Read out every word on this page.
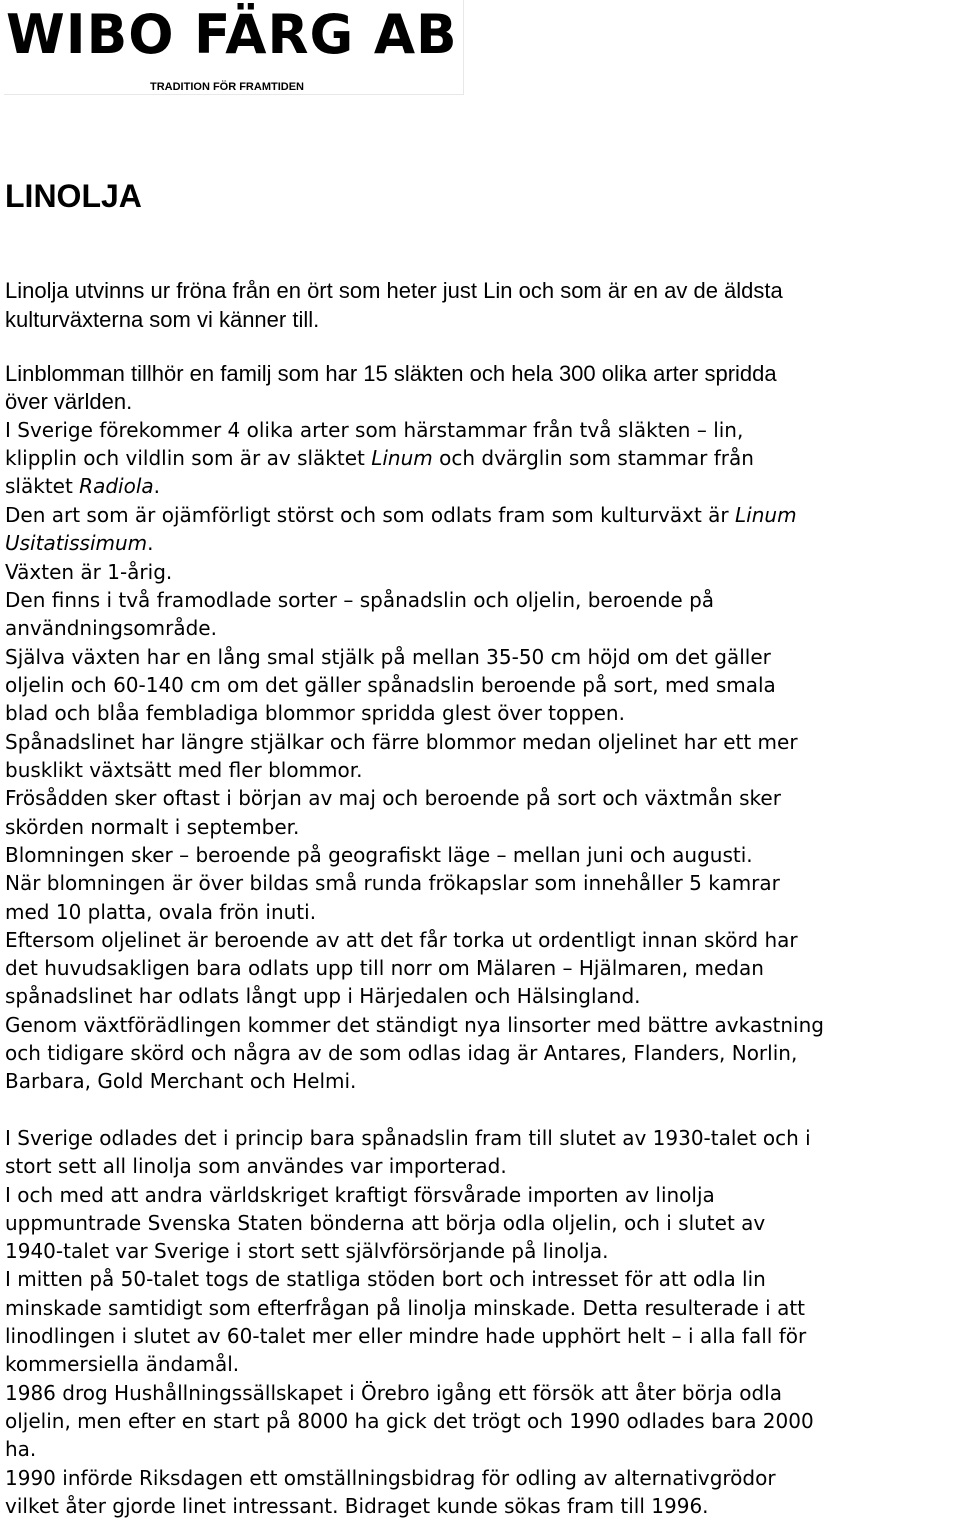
WIBO FÄRG AB
TRADITION FÖR FRAMTIDEN
LINOLJA
Linolja utvinns ur fröna från en ört som heter just Lin och som är en av de äldsta
kulturväxterna som vi känner till.
Linblomman tillhör en familj som har 15 släkten och hela 300 olika arter spridda
över världen.
I Sverige förekommer 4 olika arter som härstammar från två släkten – lin,
klipplin och vildlin som är av släktet Linum och dvärglin som stammar från
släktet Radiola.
Den art som är ojämförligt störst och som odlats fram som kulturväxt är Linum
Usitatissimum.
Växten är 1-årig.
Den finns i två framodlade sorter – spånadslin och oljelin, beroende på
användningsområde.
Själva växten har en lång smal stjälk på mellan 35-50 cm höjd om det gäller
oljelin och 60-140 cm om det gäller spånadslin beroende på sort, med smala
blad och blåa fembladiga blommor spridda glest över toppen.
Spånadslinet har längre stjälkar och färre blommor medan oljelinet har ett mer
busklikt växtsätt med fler blommor.
Frösådden sker oftast i början av maj och beroende på sort och växtmån sker
skörden normalt i september.
Blomningen sker – beroende på geografiskt läge – mellan juni och augusti.
När blomningen är över bildas små runda frökapslar som innehåller 5 kamrar
med 10 platta, ovala frön inuti.
Eftersom oljelinet är beroende av att det får torka ut ordentligt innan skörd har
det huvudsakligen bara odlats upp till norr om Mälaren – Hjälmaren, medan
spånadslinet har odlats långt upp i Härjedalen och Hälsingland.
Genom växtförädlingen kommer det ständigt nya linsorter med bättre avkastning
och tidigare skörd och några av de som odlas idag är Antares, Flanders, Norlin,
Barbara, Gold Merchant och Helmi.
I Sverige odlades det i princip bara spånadslin fram till slutet av 1930-talet och i
stort sett all linolja som användes var importerad.
I och med att andra världskriget kraftigt försvårade importen av linolja
uppmuntrade Svenska Staten bönderna att börja odla oljelin, och i slutet av
1940-talet var Sverige i stort sett självförsörjande på linolja.
I mitten på 50-talet togs de statliga stöden bort och intresset för att odla lin
minskade samtidigt som efterfrågan på linolja minskade. Detta resulterade i att
linodlingen i slutet av 60-talet mer eller mindre hade upphört helt – i alla fall för
kommersiella ändamål.
1986 drog Hushållningssällskapet i Örebro igång ett försök att åter börja odla
oljelin, men efter en start på 8000 ha gick det trögt och 1990 odlades bara 2000
ha.
1990 införde Riksdagen ett omställningsbidrag för odling av alternativgrödor
vilket åter gjorde linet intressant. Bidraget kunde sökas fram till 1996.
